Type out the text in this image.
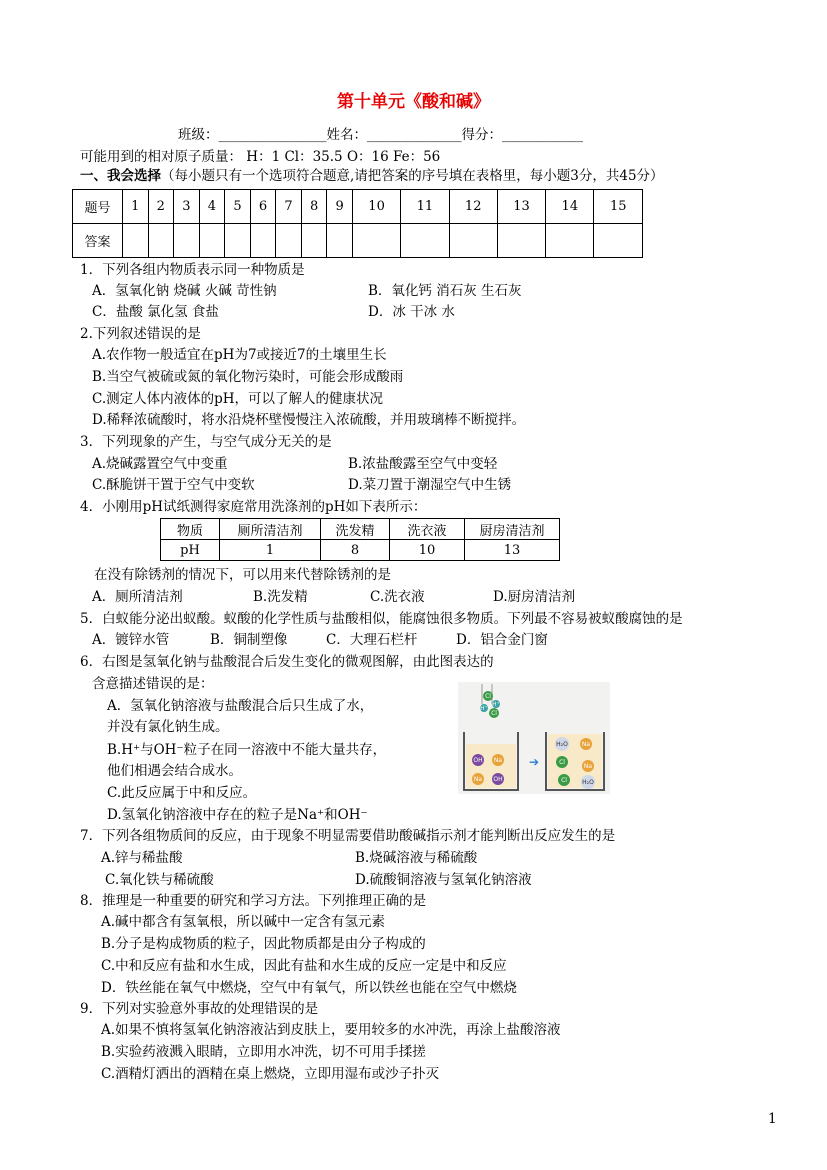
第十单元《酸和碱》
班级：________________姓名：______________得分：____________
可能用到的相对原子质量： H：1 Cl：35.5 O：16 Fe：56
一、我会选择（每小题只有一个选项符合题意,请把答案的序号填在表格里，每小题3分，共45分）
题号	1	2	3	4	5	6	7	8	9	10	11	12	13	14	15
答案															
1．下列各组内物质表示同一种物质是
A．氢氧化钠 烧碱 火碱 苛性钠	B．氧化钙 消石灰 生石灰
C．盐酸 氯化氢 食盐	D．冰 干冰 水
2.下列叙述错误的是
A.农作物一般适宜在pH为7或接近7的土壤里生长
B.当空气被硫或氮的氧化物污染时，可能会形成酸雨
C.测定人体内液体的pH，可以了解人的健康状况
D.稀释浓硫酸时，将水沿烧杯壁慢慢注入浓硫酸，并用玻璃棒不断搅拌。
3．下列现象的产生，与空气成分无关的是
A.烧碱露置空气中变重	B.浓盐酸露至空气中变轻
C.酥脆饼干置于空气中变软	D.菜刀置于潮湿空气中生锈
4．小刚用pH试纸测得家庭常用洗涤剂的pH如下表所示：
物质	厕所清洁剂	洗发精	洗衣液	厨房清洁剂
pH	1	8	10	13
在没有除锈剂的情况下，可以用来代替除锈剂的是
A．厕所清洁剂	B.洗发精	C.洗衣液	D.厨房清洁剂
5．白蚁能分泌出蚁酸。蚁酸的化学性质与盐酸相似，能腐蚀很多物质。下列最不容易被蚁酸腐蚀的是
A．镀锌水管	B．铜制塑像	C．大理石栏杆	D．铝合金门窗
6．右图是氢氧化钠与盐酸混合后发生变化的微观图解，由此图表达的
含意描述错误的是：
A．氢氧化钠溶液与盐酸混合后只生成了水，
并没有氯化钠生成。
B.H⁺与OH⁻粒子在同一溶液中不能大量共存，
他们相遇会结合成水。
C.此反应属于中和反应。
D.氢氧化钠溶液中存在的粒子是Na⁺和OH⁻
Cl
H⁺
Cl
H⁺
OH Na
Na OH
➔
H₂O Na
Cl
Na
Cl	H₂O
7．下列各组物质间的反应，由于现象不明显需要借助酸碱指示剂才能判断出反应发生的是
A.锌与稀盐酸	B.烧碱溶液与稀硫酸
C.氧化铁与稀硫酸	D.硫酸铜溶液与氢氧化钠溶液
8．推理是一种重要的研究和学习方法。下列推理正确的是
A.碱中都含有氢氧根，所以碱中一定含有氢元素
B.分子是构成物质的粒子，因此物质都是由分子构成的
C.中和反应有盐和水生成，因此有盐和水生成的反应一定是中和反应
D．铁丝能在氧气中燃烧，空气中有氧气，所以铁丝也能在空气中燃烧
9．下列对实验意外事故的处理错误的是
A.如果不慎将氢氧化钠溶液沾到皮肤上，要用较多的水冲洗，再涂上盐酸溶液
B.实验药液溅入眼睛，立即用水冲洗，切不可用手揉搓
C.酒精灯洒出的酒精在桌上燃烧，立即用湿布或沙子扑灭
1
